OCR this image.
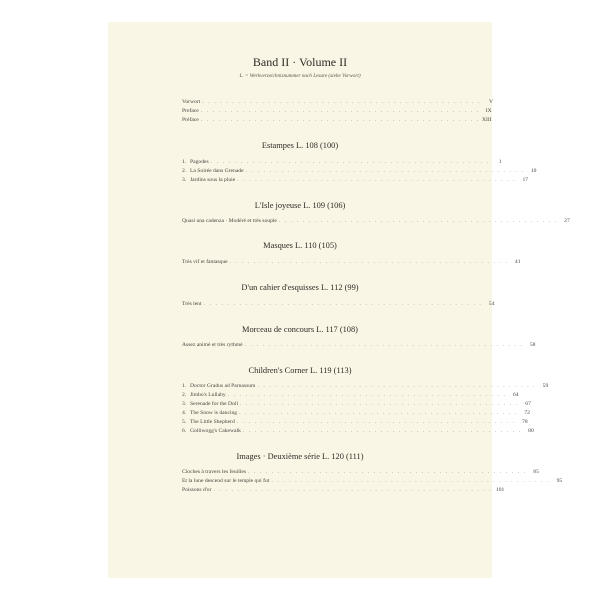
Band II · Volume II
L. = Werkverzeichnisnummer nach Lesure (siehe Vorwort)
Vorwort . . . . . . . . . . . . . . . . . . . . . . . . . . . . . . . . . . . . . . . . . . . . . . .	V
Preface . . . . . . . . . . . . . . . . . . . . . . . . . . . . . . . . . . . . . . . . . . . . . . .	IX
Préface . . . . . . . . . . . . . . . . . . . . . . . . . . . . . . . . . . . . . . . . . . . . . . . XIII
Estampes L. 108 (100)
1. Pagodes . . . . . . . . . . . . . . . . . . . . . . . . . . . . . . . . . . . . . . . . . . . . . . .	1
2. La Soirée dans Grenade . . . . . . . . . . . . . . . . . . . . . . . . . . . . . . . . . . . . . . . . . . . . . . .	10
3. Jardins sous la pluie . . . . . . . . . . . . . . . . . . . . . . . . . . . . . . . . . . . . . . . . . . . . . . .	17
L'Isle joyeuse L. 109 (106)
Quasi una cadenza · Modéré et très souple . . . . . . . . . . . . . . . . . . . . . . . . . . . . . . . . . . . . . . . . . . . . . . .	27
Masques L. 110 (105)
Très vif et fantasque . . . . . . . . . . . . . . . . . . . . . . . . . . . . . . . . . . . . . . . . . . . . . . .	41
D'un cahier d'esquisses L. 112 (99)
Très lent . . . . . . . . . . . . . . . . . . . . . . . . . . . . . . . . . . . . . . . . . . . . . . .	54
Morceau de concours L. 117 (108)
Assez animé et très rythmé . . . . . . . . . . . . . . . . . . . . . . . . . . . . . . . . . . . . . . . . . . . . . . .	58
Children's Corner L. 119 (113)
1. Doctor Gradus ad Parnassum . . . . . . . . . . . . . . . . . . . . . . . . . . . . . . . . . . . . . . . . . . . . . . .	59
2. Jimbo's Lullaby . . . . . . . . . . . . . . . . . . . . . . . . . . . . . . . . . . . . . . . . . . . . . . .	64
3. Serenade for the Doll . . . . . . . . . . . . . . . . . . . . . . . . . . . . . . . . . . . . . . . . . . . . . . .	67
4. The Snow is dancing . . . . . . . . . . . . . . . . . . . . . . . . . . . . . . . . . . . . . . . . . . . . . . .	72
5. The Little Shepherd . . . . . . . . . . . . . . . . . . . . . . . . . . . . . . . . . . . . . . . . . . . . . . .	78
6. Golliwogg's Cakewalk . . . . . . . . . . . . . . . . . . . . . . . . . . . . . . . . . . . . . . . . . . . . . . .	80
Images · Deuxième série L. 120 (111)
Cloches à travers les feuilles . . . . . . . . . . . . . . . . . . . . . . . . . . . . . . . . . . . . . . . . . . . . . . .	85
Et la lune descend sur le temple qui fut . . . . . . . . . . . . . . . . . . . . . . . . . . . . . . . . . . . . . . . . . . . . . . .	95
Poissons d'or . . . . . . . . . . . . . . . . . . . . . . . . . . . . . . . . . . . . . . . . . . . . . . . 101
